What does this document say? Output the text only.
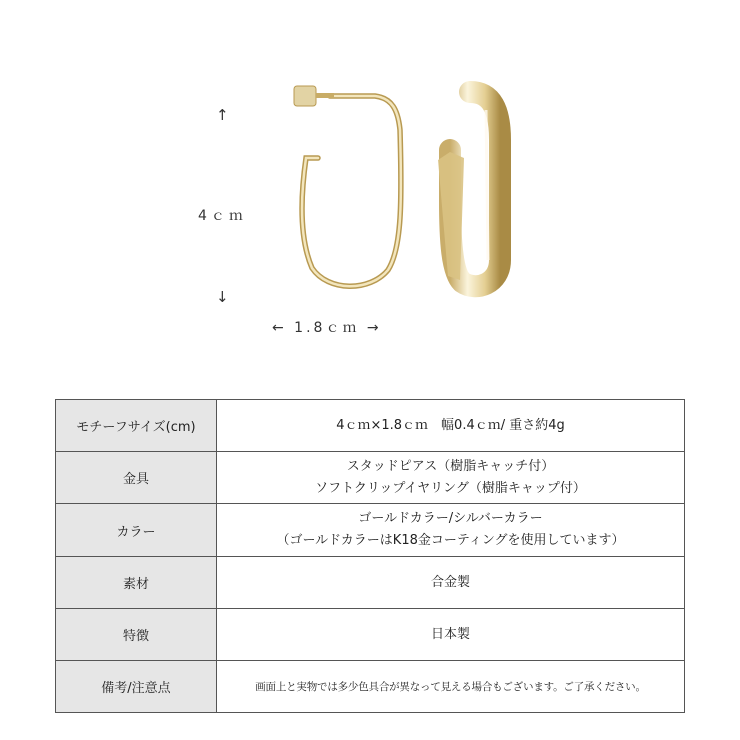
↑
4ｃｍ
↓
← 1.8ｃｍ →
モチーフサイズ(cm)	4ｃｍ×1.8ｃｍ　幅0.4ｃｍ/ 重さ約4g
金具	スタッドピアス（樹脂キャッチ付）
ソフトクリップイヤリング（樹脂キャップ付）

カラー	ゴールドカラー/シルバーカラー
（ゴールドカラーはK18金コーティングを使用しています）

素材	合金製
特徴	日本製
備考/注意点	画面上と実物では多少色具合が異なって見える場合もございます。ご了承ください。
